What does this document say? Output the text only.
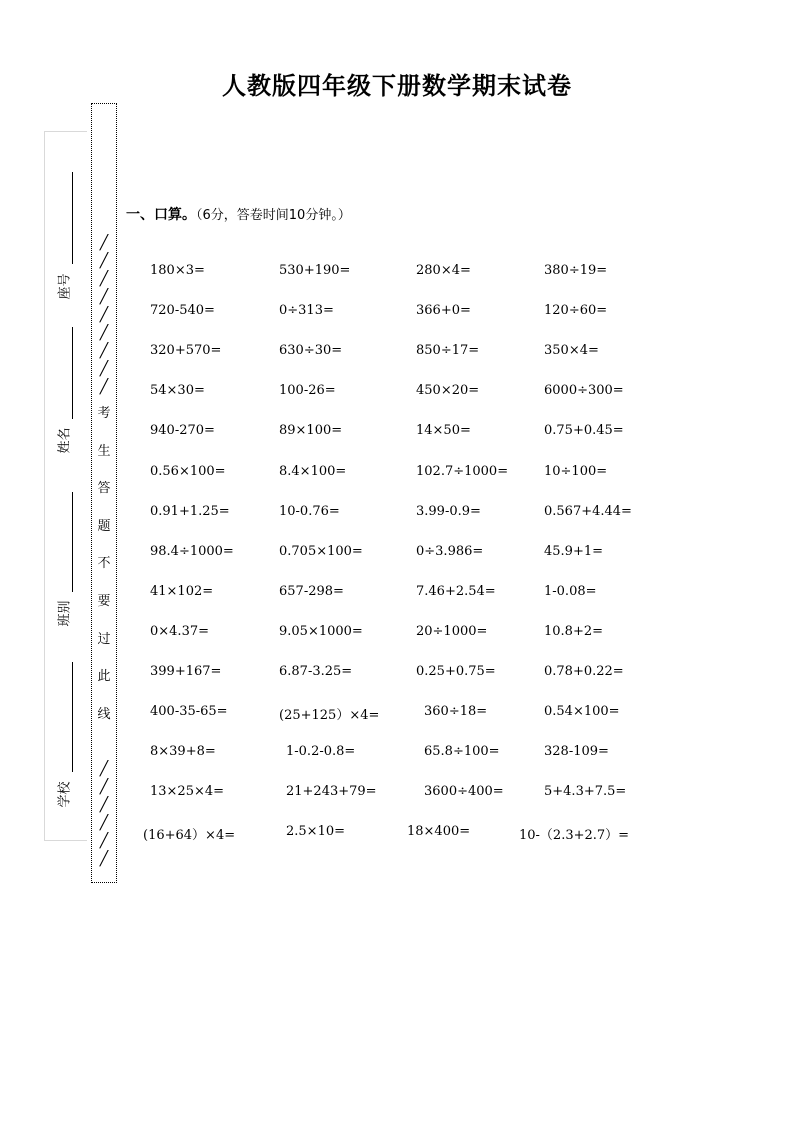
人教版四年级下册数学期末试卷
座号
姓名
班别
学校
╱
╱
╱
╱
╱
╱
╱
╱
╱
考
生
答
题
不
要
过
此
线
╱
╱
╱
╱
╱
╱
一、口算。（6分，答卷时间10分钟。）
180×3=	530+190=	280×4=	380÷19=
720-540=	0÷313=	366+0=	120÷60=
320+570=	630÷30=	850÷17=	350×4=
54×30=	100-26=	450×20=	6000÷300=
940-270=	89×100=	14×50=	0.75+0.45=
0.56×100=	8.4×100=	102.7÷1000=	10÷100=
0.91+1.25=	10-0.76=	3.99-0.9=	0.567+4.44=
98.4÷1000=	0.705×100=	0÷3.986=	45.9+1=
41×102=	657-298=	7.46+2.54=	1-0.08=
0×4.37=	9.05×1000=	20÷1000=	10.8+2=
399+167=	6.87-3.25=	0.25+0.75=	0.78+0.22=
400-35-65=	(25+125）×4=	360÷18=	0.54×100=
8×39+8=	1-0.2-0.8=	65.8÷100=	328-109=
13×25×4=	21+243+79=	3600÷400=	5+4.3+7.5=
(16+64）×4=	2.5×10=	18×400=	10-（2.3+2.7）=
